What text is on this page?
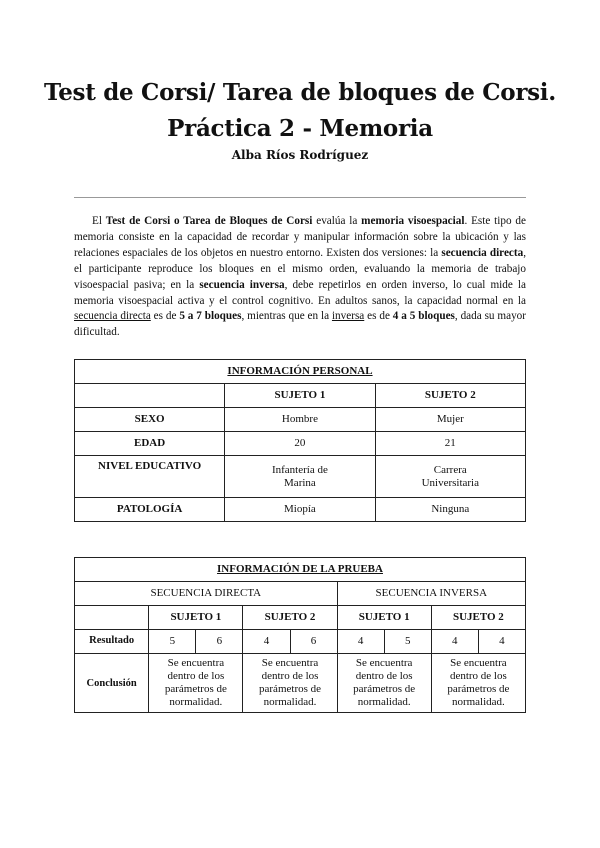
Test de Corsi/ Tarea de bloques de Corsi.
Práctica 2 - Memoria
Alba Ríos Rodríguez

El Test de Corsi o Tarea de Bloques de Corsi evalúa la memoria visoespacial. Este tipo de memoria consiste en la capacidad de recordar y manipular información sobre la ubicación y las relaciones espaciales de los objetos en nuestro entorno. Existen dos versiones: la secuencia directa, el participante reproduce los bloques en el mismo orden, evaluando la memoria de trabajo visoespacial pasiva; en la secuencia inversa, debe repetirlos en orden inverso, lo cual mide la memoria visoespacial activa y el control cognitivo. En adultos sanos, la capacidad normal en la secuencia directa es de 5 a 7 bloques, mientras que en la inversa es de 4 a 5 bloques, dada su mayor dificultad.

INFORMACIÓN PERSONAL		
	SUJETO 1	SUJETO 2
SEXO	Hombre	Mujer
EDAD	20	21
NIVEL EDUCATIVO	Infantería de Marina	Carrera Universitaria

PATOLOGÍA	Miopía	Ninguna
INFORMACIÓN DE LA PRUEBA								
SECUENCIA DIRECTA					SECUENCIA INVERSA			
	SUJETO 1		SUJETO 2		SUJETO 1		SUJETO 2	
Resultado	5	6	4	6	4	5	4	4
Conclusión	Se encuentra dentro de los parámetros de normalidad.		Se encuentra dentro de los parámetros de normalidad.		Se encuentra dentro de los parámetros de normalidad.		Se encuentra dentro de los parámetros de normalidad.	
